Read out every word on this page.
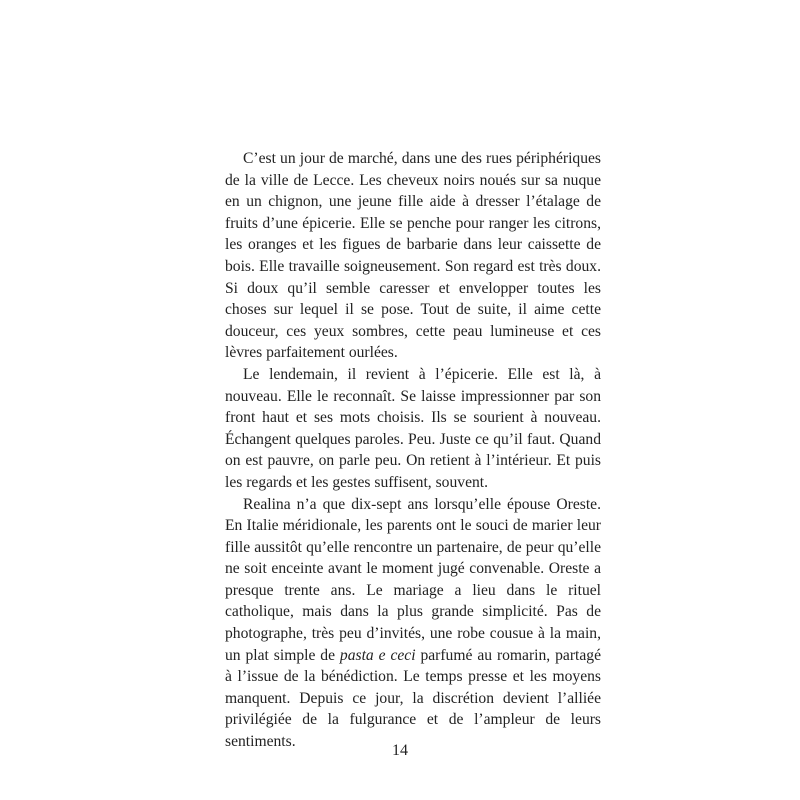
C’est un jour de marché, dans une des rues périphériques de la ville de Lecce. Les cheveux noirs noués sur sa nuque en un chignon, une jeune fille aide à dresser l’étalage de fruits d’une épicerie. Elle se penche pour ranger les citrons, les oranges et les figues de barbarie dans leur caissette de bois. Elle travaille soigneusement. Son regard est très doux. Si doux qu’il semble caresser et envelopper toutes les choses sur lequel il se pose. Tout de suite, il aime cette douceur, ces yeux sombres, cette peau lumineuse et ces lèvres parfaitement ourlées.

Le lendemain, il revient à l’épicerie. Elle est là, à nouveau. Elle le reconnaît. Se laisse impressionner par son front haut et ses mots choisis. Ils se sourient à nouveau. Échangent quelques paroles. Peu. Juste ce qu’il faut. Quand on est pauvre, on parle peu. On retient à l’intérieur. Et puis les regards et les gestes suffisent, souvent.

Realina n’a que dix-sept ans lorsqu’elle épouse Oreste. En Italie méridionale, les parents ont le souci de marier leur fille aussitôt qu’elle rencontre un partenaire, de peur qu’elle ne soit enceinte avant le moment jugé convenable. Oreste a presque trente ans. Le mariage a lieu dans le rituel catholique, mais dans la plus grande simplicité. Pas de photographe, très peu d’invités, une robe cousue à la main, un plat simple de pasta e ceci parfumé au romarin, partagé à l’issue de la bénédiction. Le temps presse et les moyens manquent. Depuis ce jour, la discrétion devient l’alliée privilégiée de la fulgurance et de l’ampleur de leurs sentiments.

14
